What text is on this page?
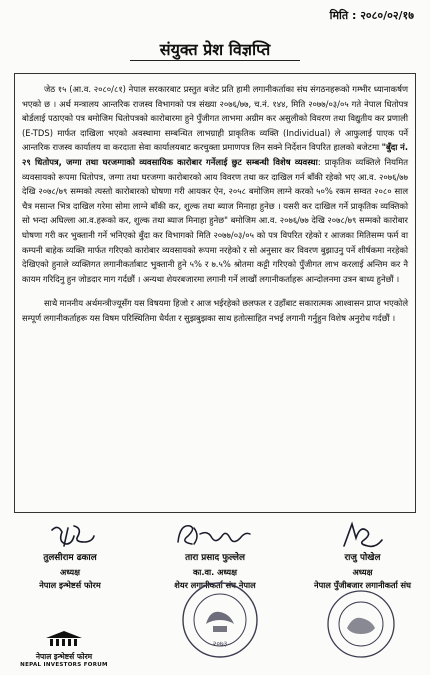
मिति : २०८०/०२/१७
संयुक्त प्रेश विज्ञप्ति

जेठ १५ (आ.व. २०८०/८१) नेपाल सरकारबाट प्रस्तुत बजेट प्रति हामी लगानीकर्ताका संघ संगठनहरूको गम्भीर ध्यानाकर्षण भएको छ । अर्थ मन्त्रालय आन्तरिक राजस्व विभागको पत्र संख्या २०७६/७७, च.नं. १४४, मिति २०७७/०३/०५ गते नेपाल धितोपत्र बोर्डलाई पठाएको पत्र बमोजिम धितोपत्रको कारोबारमा हुने पुँजीगत लाभमा अग्रीम कर असुलीको विवरण तथा विद्युतीय कर प्रणाली (E-TDS) मार्फत दाखिला भएको अवस्थामा सम्बन्धित लाभग्राही प्राकृतिक व्यक्ति (Individual) ले आफुलाई पाएक पर्ने आन्तरिक राजस्व कार्यालय वा करदाता सेवा कार्यालयबाट करचुक्ता प्रमाणपत्र लिन सक्ने निर्देशन विपरित हालको बजेटमा "बुँदा नं. २९ धितोपत्र, जग्गा तथा घरजग्गाको व्यवसायिक कारोबार गर्नेलाई छुट सम्बन्धी विशेष व्यवस्था: प्राकृतिक व्यक्तिले नियमित व्यवसायको रूपमा धितोपत्र, जग्गा तथा घरजग्गा कारोबारको आय विवरण तथा कर दाखिल गर्न बाँकी रहेको भए आ.व. २०७६/७७ देखि २०७८/७९ सम्मको त्यस्तो कारोबारको घोषणा गरी आयकर ऐन, २०५८ बमोजिम लाग्ने करको ५०% रकम सम्वत २०८० साल चैत्र मसान्त भित्र दाखिल गरेमा सोमा लाग्ने बाँकी कर, शुल्क तथा ब्याज मिनाहा हुनेछ । यसरी कर दाखिल गर्ने प्राकृतिक व्यक्तिको सो भन्दा अघिल्ला आ.व.हरूको कर, शुल्क तथा ब्याज मिनाहा हुनेछ" बमोजिम आ.व. २०७६/७७ देखि २०७८/७९ सम्मको कारोबार घोषणा गरी कर भुक्तानी गर्ने भनिएको बुँदा कर विभागको मिति २०७७/०३/०५ को पत्र विपरित रहेको र आजका मितिसम्म फर्म वा कम्पनी बाहेक व्यक्ति मार्फत गरिएको कारोबार व्यवसायको रूपमा नरहेको र सो अनुसार कर विवरण बुझाउनु पर्ने शीर्षकमा नरहेको देखिएको हुनाले व्यक्तिगत लगानीकर्ताबाट भुक्तानी हुने ५% र ७.५% श्रोतमा कट्टी गरिएको पुँजीगत लाभ करलाई अन्तिम कर नै कायम गरिदिनु हुन जोडदार माग गर्दछौं । अन्यथा शेयरबजारमा लगानी गर्ने लाखौं लगानीकर्ताहरू आन्दोलनमा उत्रन बाध्य हुनेछौं ।

साथै माननीय अर्थमन्त्रीज्यूसँग यस विषयमा हिजो र आज भईरहेको छलफल र उहाँबाट सकारात्मक आश्वासन प्राप्त भएकोले सम्पूर्ण लगानीकर्ताहरू यस विषम परिस्थितिमा धैर्यता र सुझबुझका साथ हतोत्साहित नभई लगानी गर्नुहुन विशेष अनुरोध गर्दछौं ।

तुलसीराम ढकाल
अध्यक्ष
नेपाल इन्भेष्टर्स फोरम
तारा प्रसाद फुल्लेल
का.वा. अध्यक्ष
शेयर लगानीकर्ता संघ नेपाल
राजु पोखेल
अध्यक्ष
नेपाल पुँजीबजार लगानीकर्ता संघ
२०७३
नेपाल इन्भेष्टर्स फोरम
NEPAL INVESTORS FORUM
